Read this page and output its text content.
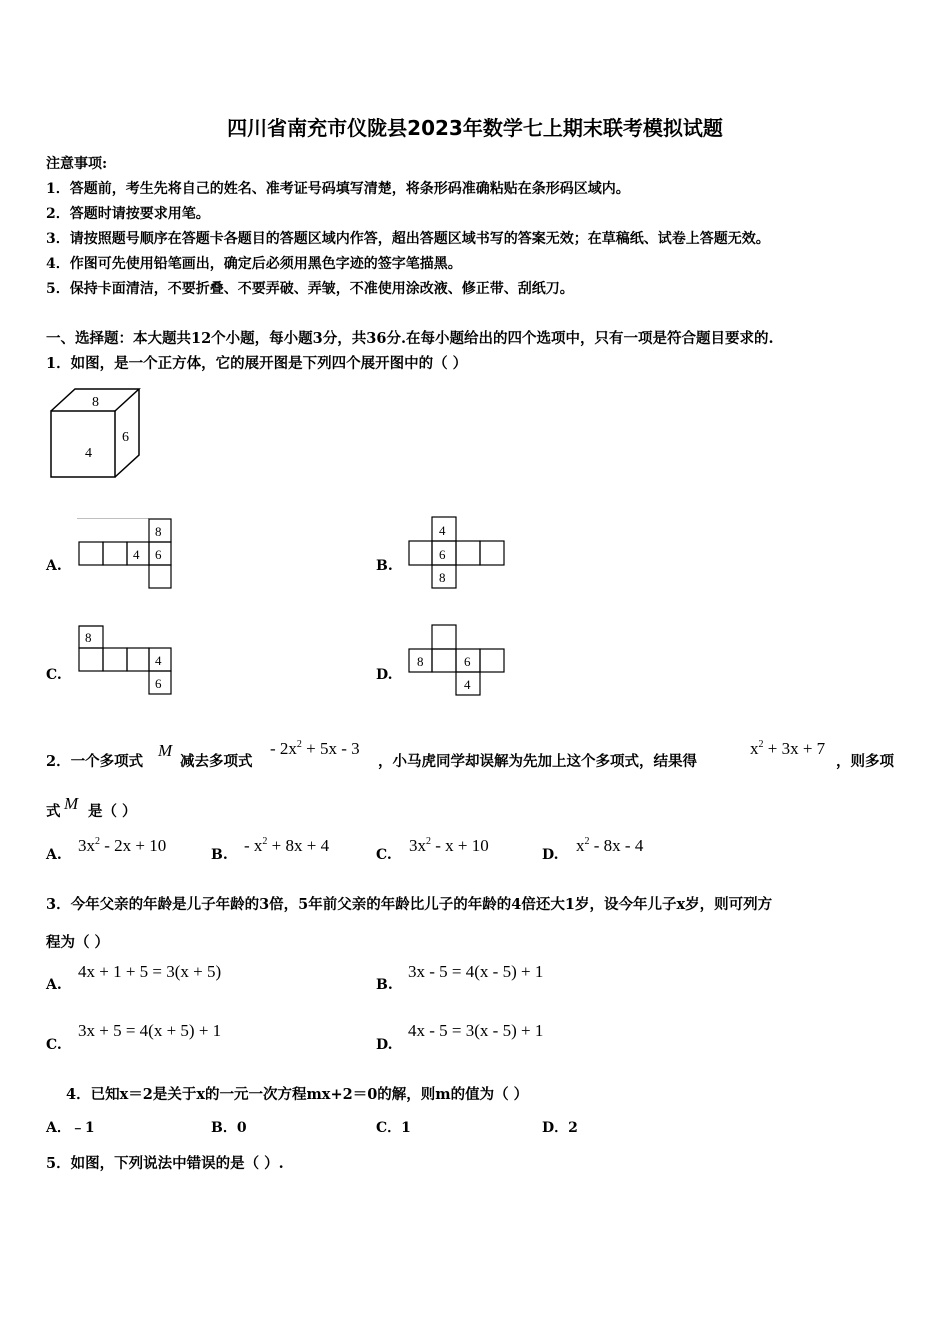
四川省南充市仪陇县2023年数学七上期末联考模拟试题
注意事项:
1．答题前，考生先将自己的姓名、准考证号码填写清楚，将条形码准确粘贴在条形码区域内。
2．答题时请按要求用笔。
3．请按照题号顺序在答题卡各题目的答题区域内作答，超出答题区域书写的答案无效；在草稿纸、试卷上答题无效。
4．作图可先使用铅笔画出，确定后必须用黑色字迹的签字笔描黑。
5．保持卡面清洁，不要折叠、不要弄破、弄皱，不准使用涂改液、修正带、刮纸刀。
一、选择题：本大题共12个小题，每小题3分，共36分.在每小题给出的四个选项中，只有一项是符合题目要求的.
1．如图，是一个正方体，它的展开图是下列四个展开图中的（ ）
8
4
6
A.
8
4 6
B.
4
6
8
C.
8
4
6
D.
8	6
4
2．一个多项式
M
减去多项式
- $2x^2 + 5x - 3$
，小马虎同学却误解为先加上这个多项式，结果得
$x^2 + 3x + 7$
，则多项
式 M 是（ ）
A. $3x^2 - 2x + 10$	B. - $x^2 + 8x + 4$	C. $3x^2 - x + 10$	D. $x^2 - 8x - 4$
3．今年父亲的年龄是儿子年龄的3倍，5年前父亲的年龄比儿子的年龄的4倍还大1岁，设今年儿子x岁，则可列方
程为（ ）
A.
4x + 1 + 5 = 3(x + 5)
B.
3x - 5 = 4(x - 5) + 1
C.
3x + 5 = 4(x + 5) + 1
D.
4x - 5 = 3(x - 5) + 1
4．已知x＝2是关于x的一元一次方程mx+2＝0的解，则m的值为（ ）
A．﹣1	B．0	C．1	D．2
5．如图，下列说法中错误的是（ ）.
